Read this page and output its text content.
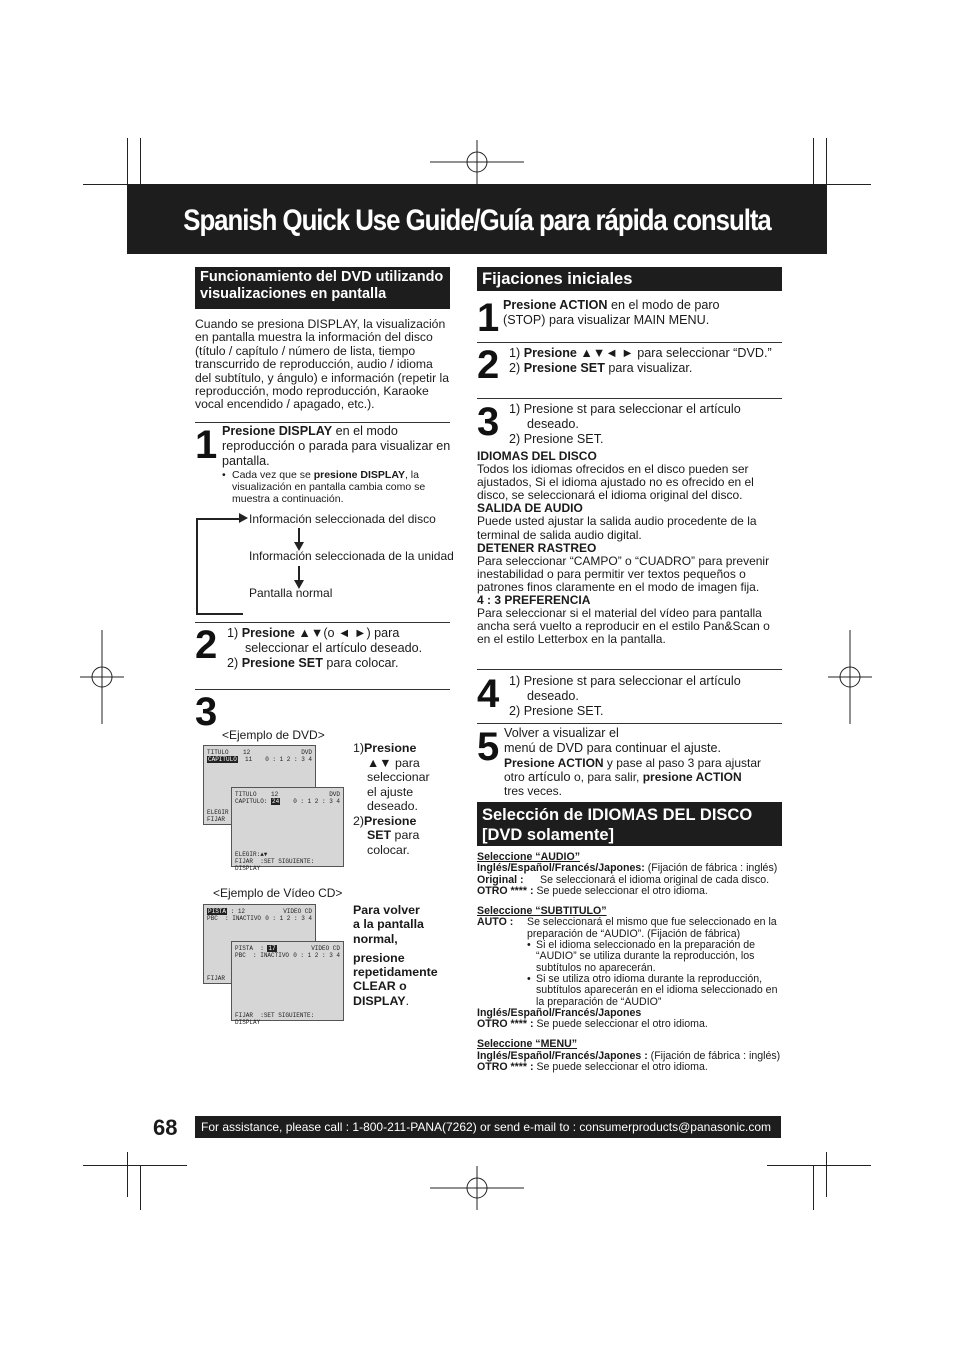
Spanish Quick Use Guide/Guía para rápida consulta
Funcionamiento del DVD utilizando visualizaciones en pantalla
Cuando se presiona DISPLAY, la visualización en pantalla muestra la información del disco (título / capítulo / número de lista, tiempo transcurrido de reproducción, audio / idioma del subtítulo, y ángulo) e información (repetir la reproducción, modo reproducción, Karaoke vocal encendido / apagado, etc.).
1 Presione DISPLAY en el modo reproducción o parada para visualizar en pantalla.
• Cada vez que se presione DISPLAY, la visualización en pantalla cambia como se muestra a continuación.
Información seleccionada del disco
Información seleccionada de la unidad
Pantalla normal
2 1) Presione ▲▼(o ◄ ►) para
seleccionar el artículo deseado.
2) Presione SET para colocar.
3
<Ejemplo de DVD>
TITULO 12	DVD
CAPITULO 11 0 : 1 2 : 3 4
ELEGIR
FIJAR
TITULO 12	DVD
CAPITULO: 24 0 : 1 2 : 3 4
ELEGIR:▲▼
FIJAR :SET SIGUIENTE: DISPLAY
1)Presione
▲▼ para
seleccionar
el ajuste
deseado.
2)Presione
SET para
colocar.
<Ejemplo de Vídeo CD>
PISTA : 12	VIDEO CD
PBC : INACTIVO 0 : 1 2 : 3 4
FIJAR
PISTA  : 17	VIDEO CD
PBC : INACTIVO 0 : 1 2 : 3 4
FIJAR :SET SIGUIENTE: DISPLAY
Para volver
a la pantalla
normal,
presione
repetidamente
CLEAR o
DISPLAY.
Fijaciones iniciales
1 Presione ACTION en el modo de paro
(STOP) para visualizar MAIN MENU.
2 1) Presione ▲▼◄ ► para seleccionar “DVD.”
2) Presione SET para visualizar.
3 1) Presione st para seleccionar el artículo
deseado.
2) Presione SET.
IDIOMAS DEL DISCO
Todos los idiomas ofrecidos en el disco pueden ser ajustados, Si el idioma ajustado no es ofrecido en el disco, se seleccionará el idioma original del disco.
SALIDA DE AUDIO
Puede usted ajustar la salida audio procedente de la terminal de salida audio digital.
DETENER RASTREO
Para seleccionar “CAMPO” o “CUADRO” para prevenir inestabilidad o para permitir ver textos pequeños o patrones finos claramente en el modo de imagen fija.
4 : 3 PREFERENCIA
Para seleccionar si el material del vídeo para pantalla ancha será vuelto a reproducir en el estilo Pan&Scan o en el estilo Letterbox en la pantalla.
4 1) Presione st para seleccionar el artículo
deseado.
2) Presione SET.
5 Volver a visualizar el
menú de DVD para continuar el ajuste.
Presione ACTION y pase al paso 3 para ajustar
otro artículo o, para salir, presione ACTION
tres veces.
Selección de IDIOMAS DEL DISCO [DVD solamente]
Seleccione “AUDIO”
Inglés/Español/Francés/Japones: (Fijación de fábrica : inglés)
Original :	Se seleccionará el idioma original de cada disco.
OTRO **** : Se puede seleccionar el otro idioma.
Seleccione “SUBTITULO”
AUTO :	Se seleccionará el mismo que fue seleccionado en la preparación de “AUDIO”. (Fijación de fábrica)
• Si el idioma seleccionado en la preparación de “AUDIO” se utiliza durante la reproducción, los subtítulos no aparecerán.
• Si se utiliza otro idioma durante la reproducción, subtítulos aparecerán en el idioma seleccionado en la preparación de “AUDIO”
Inglés/Español/Francés/Japones
OTRO **** : Se puede seleccionar el otro idioma.
Seleccione “MENU”
Inglés/Español/Francés/Japones : (Fijación de fábrica : inglés)
OTRO **** : Se puede seleccionar el otro idioma.
68	For assistance, please call : 1-800-211-PANA(7262) or send e-mail to : consumerproducts@panasonic.com
